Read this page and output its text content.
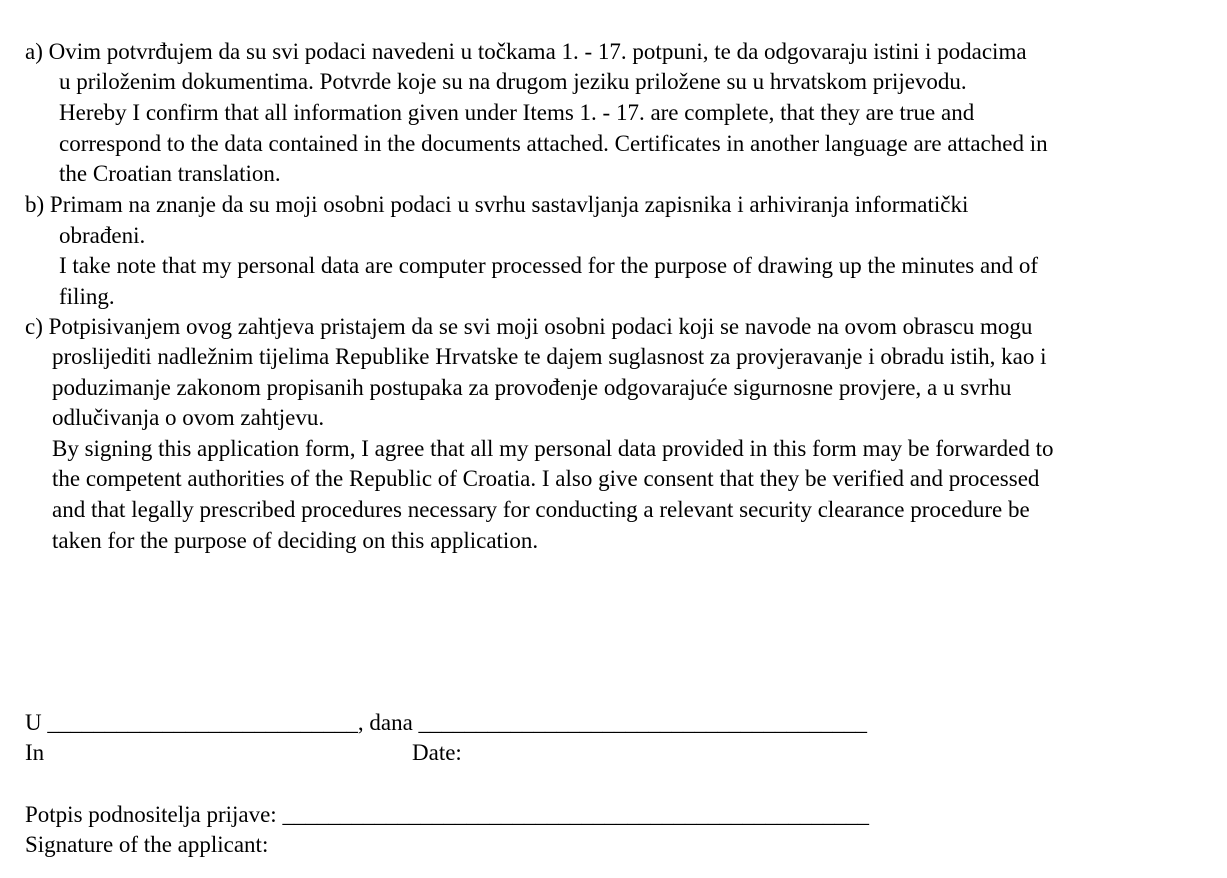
a) Ovim potvrđujem da su svi podaci navedeni u točkama 1. - 17. potpuni, te da odgovaraju istini i podacima
u priloženim dokumentima. Potvrde koje su na drugom jeziku priložene su u hrvatskom prijevodu.
Hereby I confirm that all information given under Items 1. - 17. are complete, that they are true and
correspond to the data contained in the documents attached. Certificates in another language are attached in
the Croatian translation.
b) Primam na znanje da su moji osobni podaci u svrhu sastavljanja zapisnika i arhiviranja informatički
obrađeni.
I take note that my personal data are computer processed for the purpose of drawing up the minutes and of
filing.
c) Potpisivanjem ovog zahtjeva pristajem da se svi moji osobni podaci koji se navode na ovom obrascu mogu
proslijediti nadležnim tijelima Republike Hrvatske te dajem suglasnost za provjeravanje i obradu istih, kao i
poduzimanje zakonom propisanih postupaka za provođenje odgovarajuće sigurnosne provjere, a u svrhu
odlučivanja o ovom zahtjevu.
By signing this application form, I agree that all my personal data provided in this form may be forwarded to
the competent authorities of the Republic of Croatia. I also give consent that they be verified and processed
and that legally prescribed procedures necessary for conducting a relevant security clearance procedure be
taken for the purpose of deciding on this application.
U ___________________________, dana _______________________________________
In	Date:
Potpis podnositelja prijave: ___________________________________________________
Signature of the applicant:
